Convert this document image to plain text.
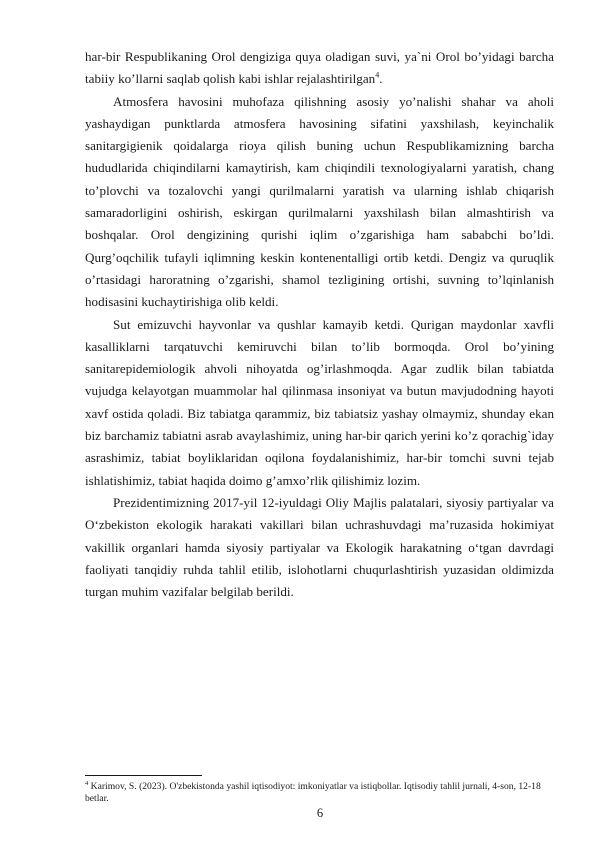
har-bir Respublikaning Orol dengiziga quya oladigan suvi, ya`ni Orol bo’yidagi barcha tabiiy ko’llarni saqlab qolish kabi ishlar rejalashtirilgan$^4$.

Atmosfera havosini muhofaza qilishning asosiy yo’nalishi shahar va aholi yashaydigan punktlarda atmosfera havosining sifatini yaxshilash, keyinchalik sanitargigienik qoidalarga rioya qilish buning uchun Respublikamizning barcha hududlarida chiqindilarni kamaytirish, kam chiqindili texnologiyalarni yaratish, chang to’plovchi va tozalovchi yangi qurilmalarni yaratish va ularning ishlab chiqarish samaradorligini oshirish, eskirgan qurilmalarni yaxshilash bilan almashtirish va boshqalar. Orol dengizining qurishi iqlim o’zgarishiga ham sababchi bo’ldi. Qurg’oqchilik tufayli iqlimning keskin kontenentalligi ortib ketdi. Dengiz va quruqlik o’rtasidagi haroratning o’zgarishi, shamol tezligining ortishi, suvning to’lqinlanish hodisasini kuchaytirishiga olib keldi.

Sut emizuvchi hayvonlar va qushlar kamayib ketdi. Qurigan maydonlar xavfli kasalliklarni tarqatuvchi kemiruvchi bilan to’lib bormoqda. Orol bo’yining sanitarepidemiologik ahvoli nihoyatda og’irlashmoqda. Agar zudlik bilan tabiatda vujudga kelayotgan muammolar hal qilinmasa insoniyat va butun mavjudodning hayoti xavf ostida qoladi. Biz tabiatga qarammiz, biz tabiatsiz yashay olmaymiz, shunday ekan biz barchamiz tabiatni asrab avaylashimiz, uning har-bir qarich yerini ko’z qorachig`iday asrashimiz, tabiat boyliklaridan oqilona foydalanishimiz, har-bir tomchi suvni tejab ishlatishimiz, tabiat haqida doimo g’amxo’rlik qilishimiz lozim.

Prezidentimizning 2017-yil 12-iyuldagi Oliy Majlis palatalari, siyosiy partiyalar va O‘zbekiston ekologik harakati vakillari bilan uchrashuvdagi ma’ruzasida hokimiyat vakillik organlari hamda siyosiy partiyalar va Ekologik harakatning o‘tgan davrdagi faoliyati tanqidiy ruhda tahlil etilib, islohotlarni chuqurlashtirish yuzasidan oldimizda turgan muhim vazifalar belgilab berildi.

$^4$ Karimov, S. (2023). O'zbekistonda yashil iqtisodiyot: imkoniyatlar va istiqbollar. Iqtisodiy tahlil jurnali, 4-son, 12-18 betlar.
6
